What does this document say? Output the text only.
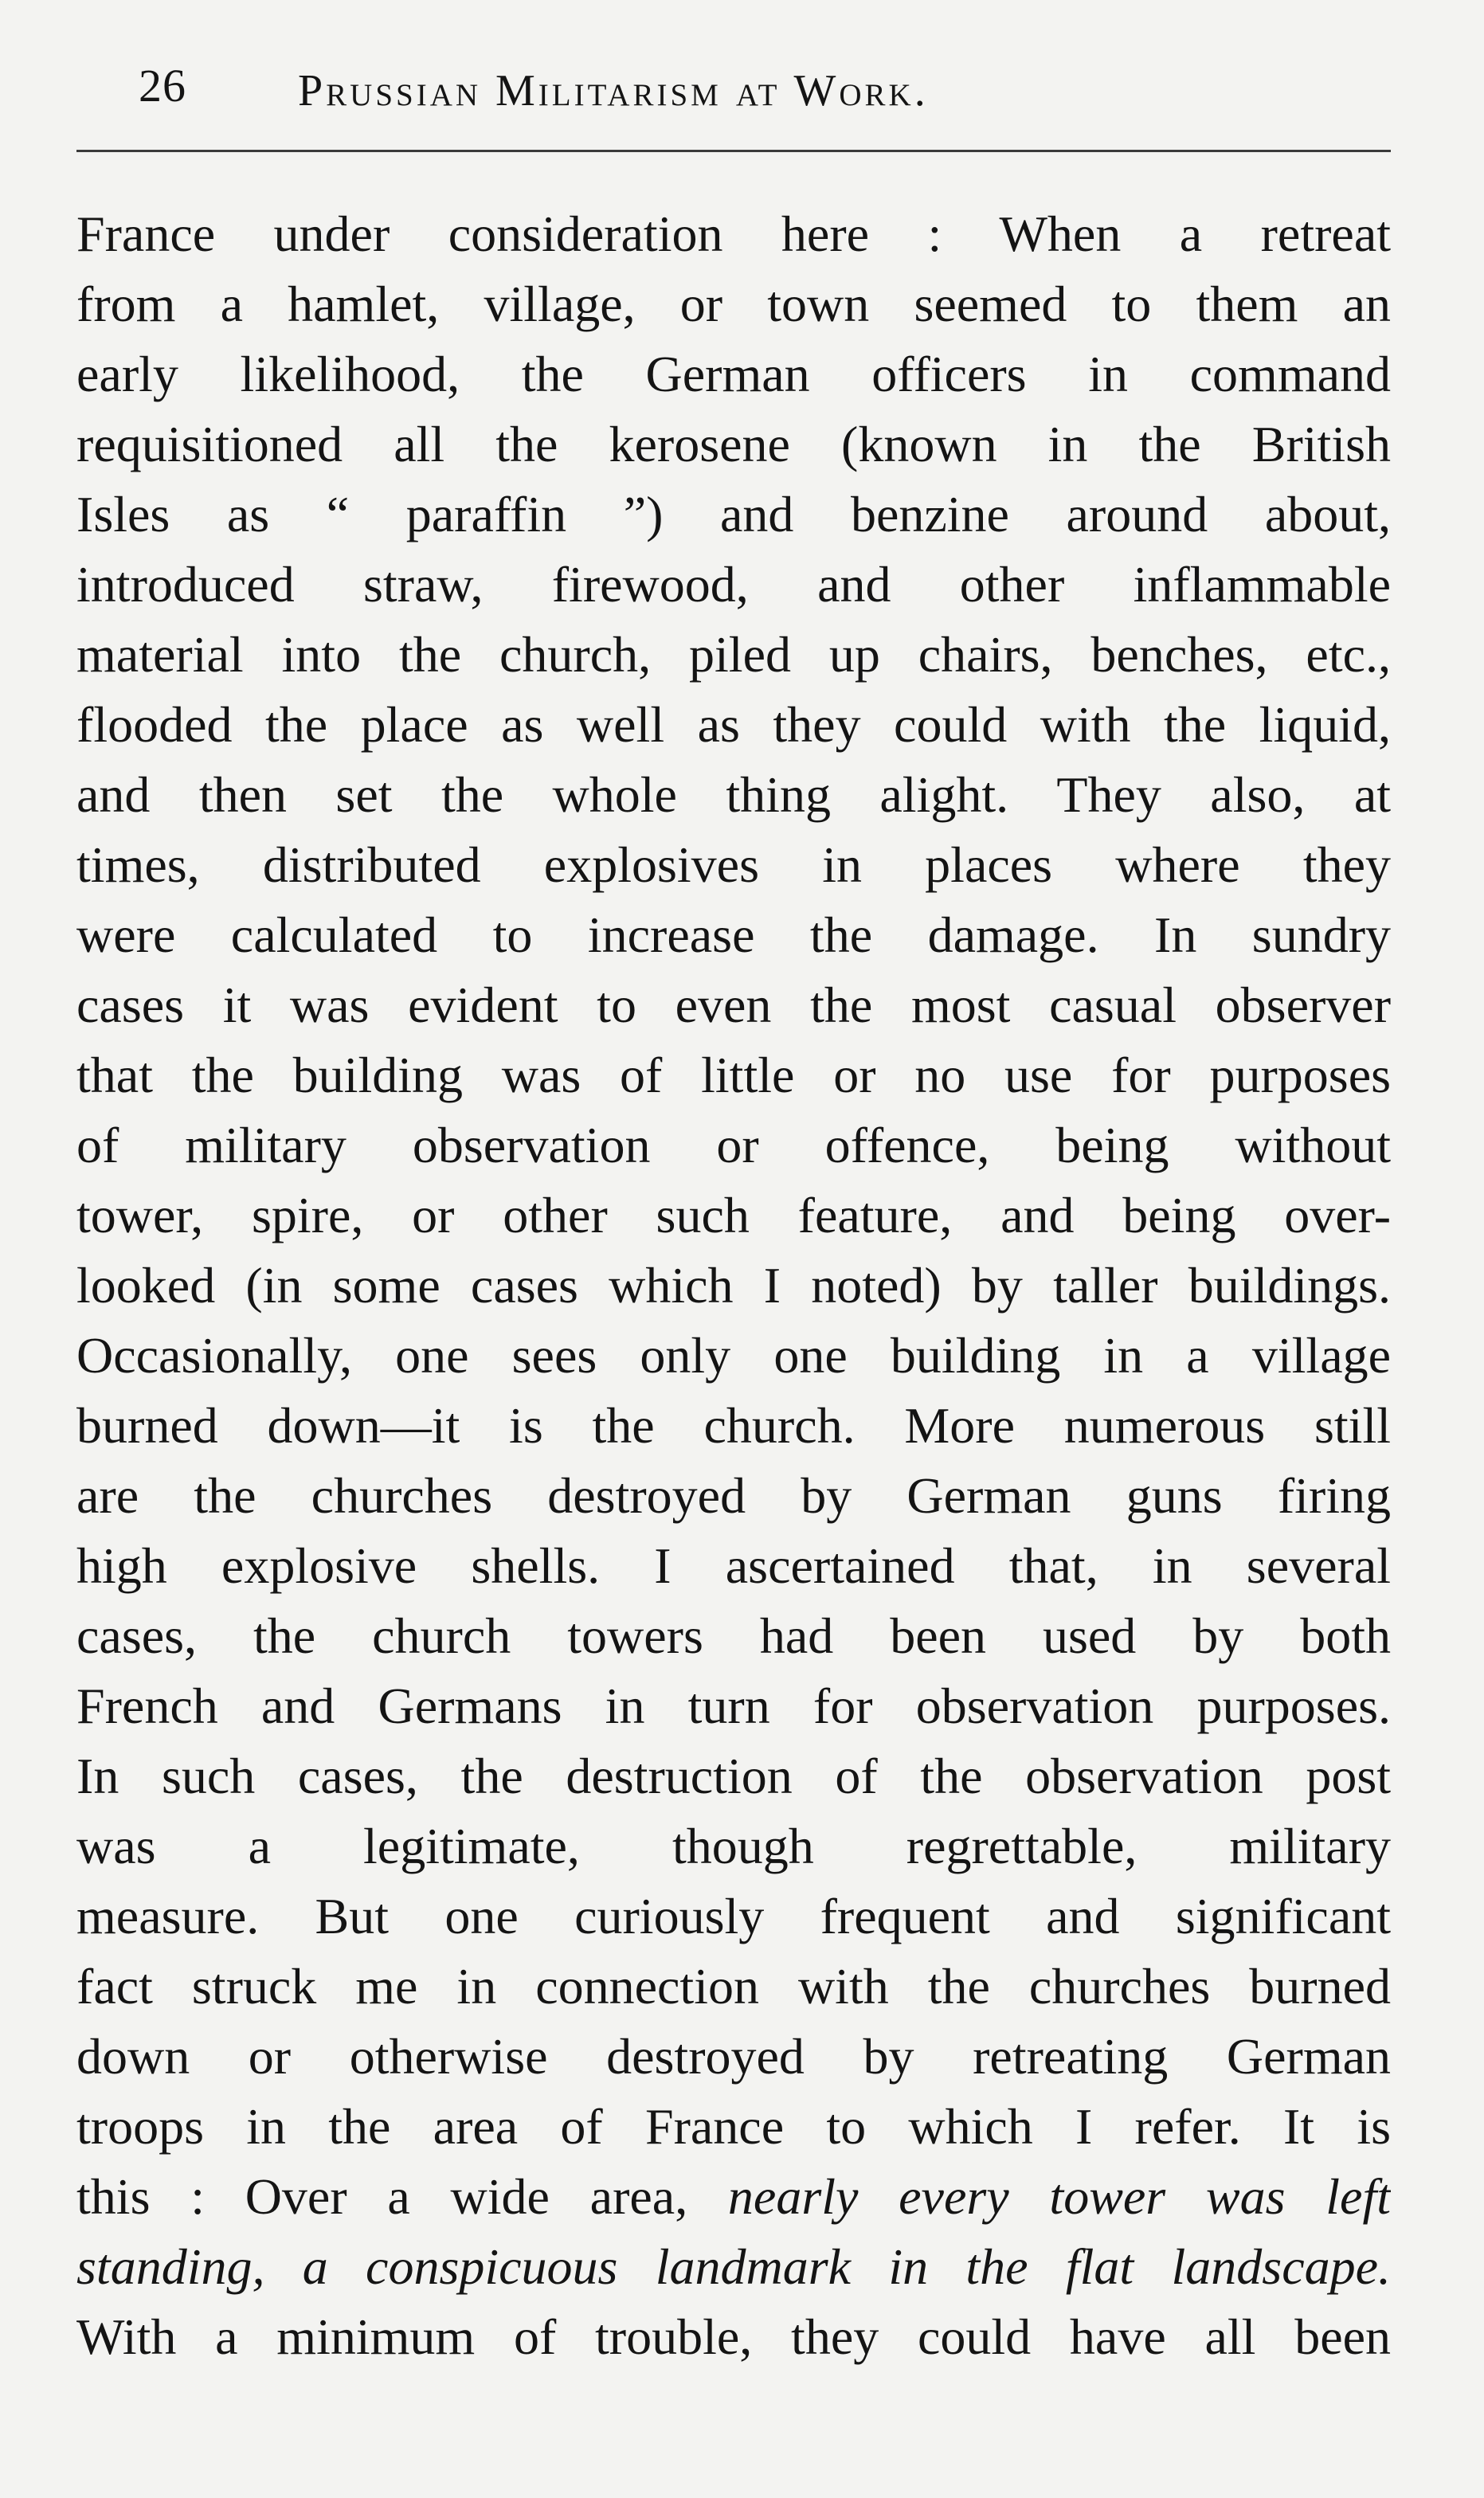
26	Prussian Militarism at Work.
France under consideration here : When a retreat
from a hamlet, village, or town seemed to them an
early likelihood, the German officers in command
requisitioned all the kerosene (known in the British
Isles as “ paraffin ”) and benzine around about,
introduced straw, firewood, and other inflammable
material into the church, piled up chairs, benches, etc.,
flooded the place as well as they could with the liquid,
and then set the whole thing alight. They also, at
times, distributed explosives in places where they
were calculated to increase the damage. In sundry
cases it was evident to even the most casual observer
that the building was of little or no use for purposes
of military observation or offence, being without
tower, spire, or other such feature, and being over-
looked (in some cases which I noted) by taller buildings.
Occasionally, one sees only one building in a village
burned down—it is the church. More numerous still
are the churches destroyed by German guns firing
high explosive shells. I ascertained that, in several
cases, the church towers had been used by both
French and Germans in turn for observation purposes.
In such cases, the destruction of the observation post
was a legitimate, though regrettable, military
measure. But one curiously frequent and significant
fact struck me in connection with the churches burned
down or otherwise destroyed by retreating German
troops in the area of France to which I refer. It is
this : Over a wide area, nearly every tower was left
standing, a conspicuous landmark in the flat landscape.
With a minimum of trouble, they could have all been
